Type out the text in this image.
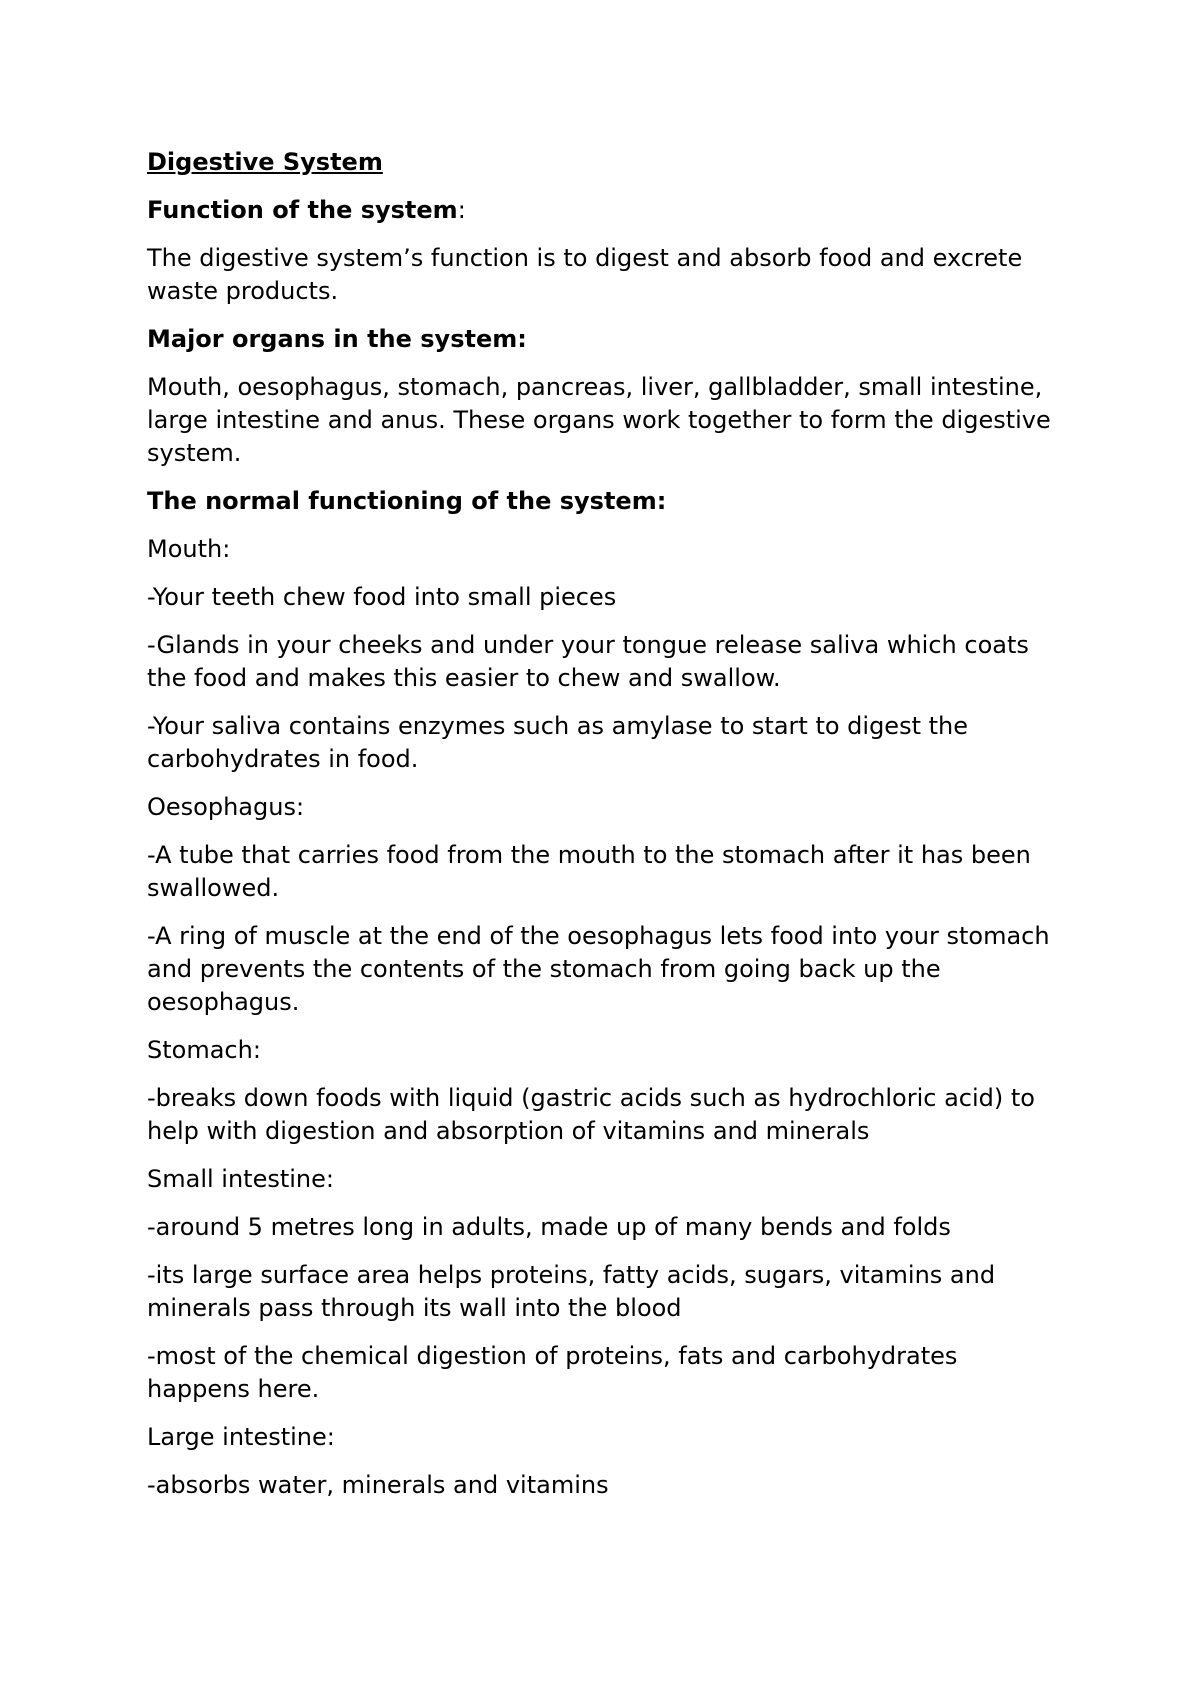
Digestive System
Function of the system:
The digestive system’s function is to digest and absorb food and excrete waste products.
Major organs in the system:
Mouth, oesophagus, stomach, pancreas, liver, gallbladder, small intestine, large intestine and anus. These organs work together to form the digestive system.
The normal functioning of the system:
Mouth:
-Your teeth chew food into small pieces
-Glands in your cheeks and under your tongue release saliva which coats the food and makes this easier to chew and swallow.
-Your saliva contains enzymes such as amylase to start to digest the carbohydrates in food.
Oesophagus:
-A tube that carries food from the mouth to the stomach after it has been swallowed.
-A ring of muscle at the end of the oesophagus lets food into your stomach and prevents the contents of the stomach from going back up the oesophagus.
Stomach:
-breaks down foods with liquid (gastric acids such as hydrochloric acid) to help with digestion and absorption of vitamins and minerals
Small intestine:
-around 5 metres long in adults, made up of many bends and folds
-its large surface area helps proteins, fatty acids, sugars, vitamins and minerals pass through its wall into the blood
-most of the chemical digestion of proteins, fats and carbohydrates happens here.
Large intestine:
-absorbs water, minerals and vitamins
